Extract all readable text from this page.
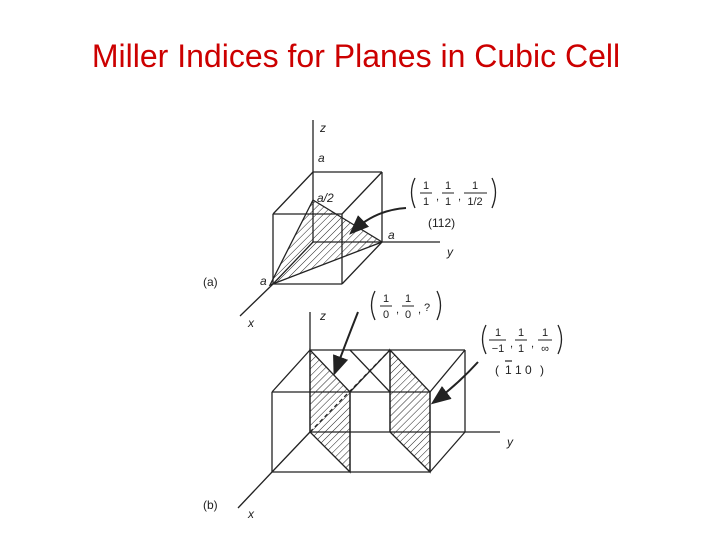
Miller Indices for Planes in Cubic Cell
z
a
a/2
a
y
a
x
(a)
1
1 ,
1
1 ,
1
1/2
(112)
z
y
x
(b)
1
0 ,
1
0 , ?
1
−1 ,
1
1 ,
1
∞
( 1 1 0 )
